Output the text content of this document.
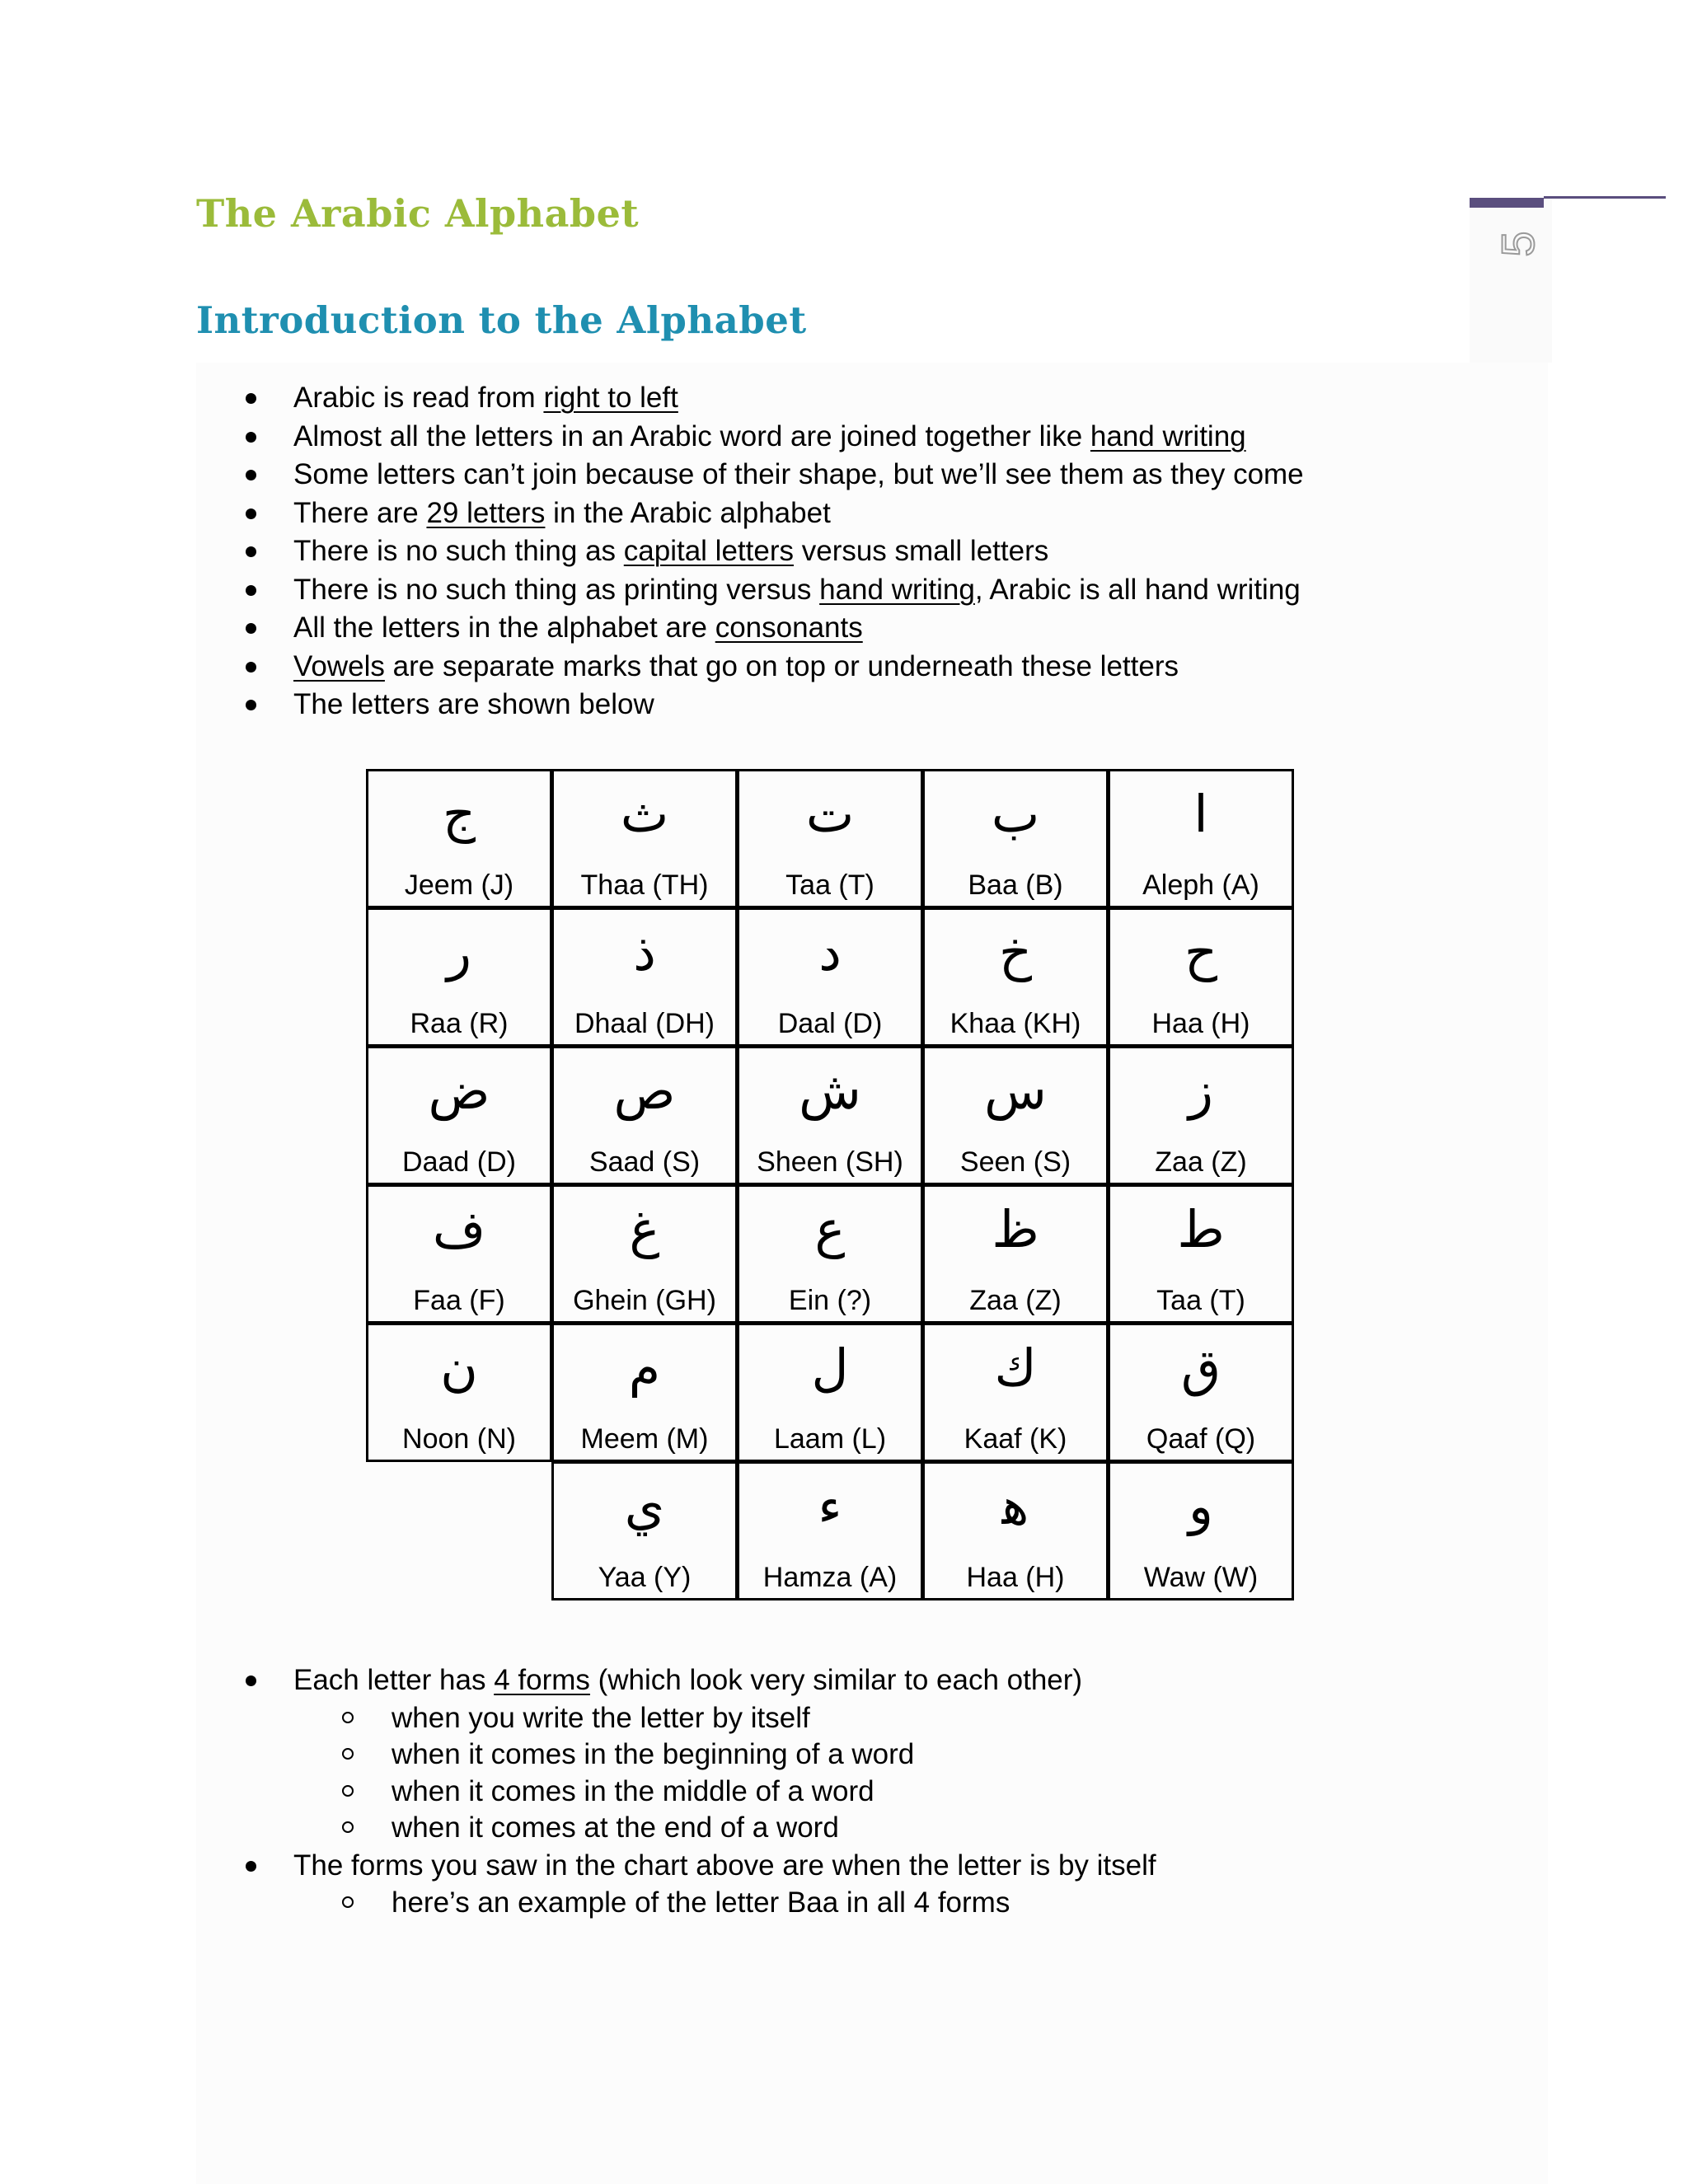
The Arabic Alphabet
Introduction to the Alphabet
5
Arabic is read from right to left
Almost all the letters in an Arabic word are joined together like hand writing
Some letters can’t join because of their shape, but we’ll see them as they come
There are 29 letters in the Arabic alphabet
There is no such thing as capital letters versus small letters
There is no such thing as printing versus hand writing, Arabic is all hand writing
All the letters in the alphabet are consonants
Vowels are separate marks that go on top or underneath these letters
The letters are shown below
ا
Aleph (A)
ب
Baa (B)
ت
Taa (T)
ث
Thaa (TH)
ج
Jeem (J)
ح
Haa (H)
خ
Khaa (KH)
د
Daal (D)
ذ
Dhaal (DH)
ر
Raa (R)
ز
Zaa (Z)
س
Seen (S)
ش
Sheen (SH)
ص
Saad (S)
ض
Daad (D)
ط
Taa (T)
ظ
Zaa (Z)
ع
Ein (?)
غ
Ghein (GH)
ف
Faa (F)
ق
Qaaf (Q)
ك
Kaaf (K)
ل
Laam (L)
م
Meem (M)
ن
Noon (N)
و
Waw (W)
ﮬ
Haa (H)
ء
Hamza (A)
ي
Yaa (Y)
Each letter has 4 forms (which look very similar to each other)
when you write the letter by itself
when it comes in the beginning of a word
when it comes in the middle of a word
when it comes at the end of a word
The forms you saw in the chart above are when the letter is by itself
here’s an example of the letter Baa in all 4 forms
